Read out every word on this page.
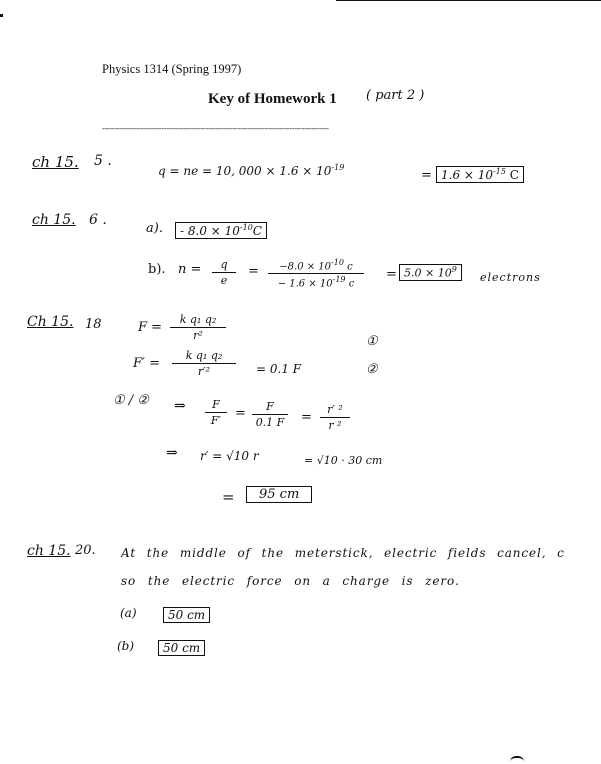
Physics 1314 (Spring 1997)
Key of Homework 1 ( part 2 )
--------------------------------------------------------------------------------------------
ch 15. 5 .
q = ne = 10, $000 \times 1.6 \times 10^{-19}$
= $1.6 \times 10^{-15}$ C
ch 15. 6 .
a).	- $8.0 \times 10^{-10}C$
b). n = q
e
= $-8.0 \times 10^{-10}$ c
− $1.6 \times 10^{-19}$ c
= $5.0 \times 10^9$
electrons
Ch 15. 18	F =
k q₁ q₂
r²	①
F′ =
k q₁ q₂
r′²	= 0.1 F	②
① / ② ⇒ F
F′ = F
0.1 F =
r′ ²
r ²
⇒ r′ = √10 r	= √10 · 30 cm
=	95 cm
ch 15. 20. At the middle of the meterstick, electric fields cancel, c
so the electric force on a charge is zero.
(a)	50 cm
(b)	50 cm
